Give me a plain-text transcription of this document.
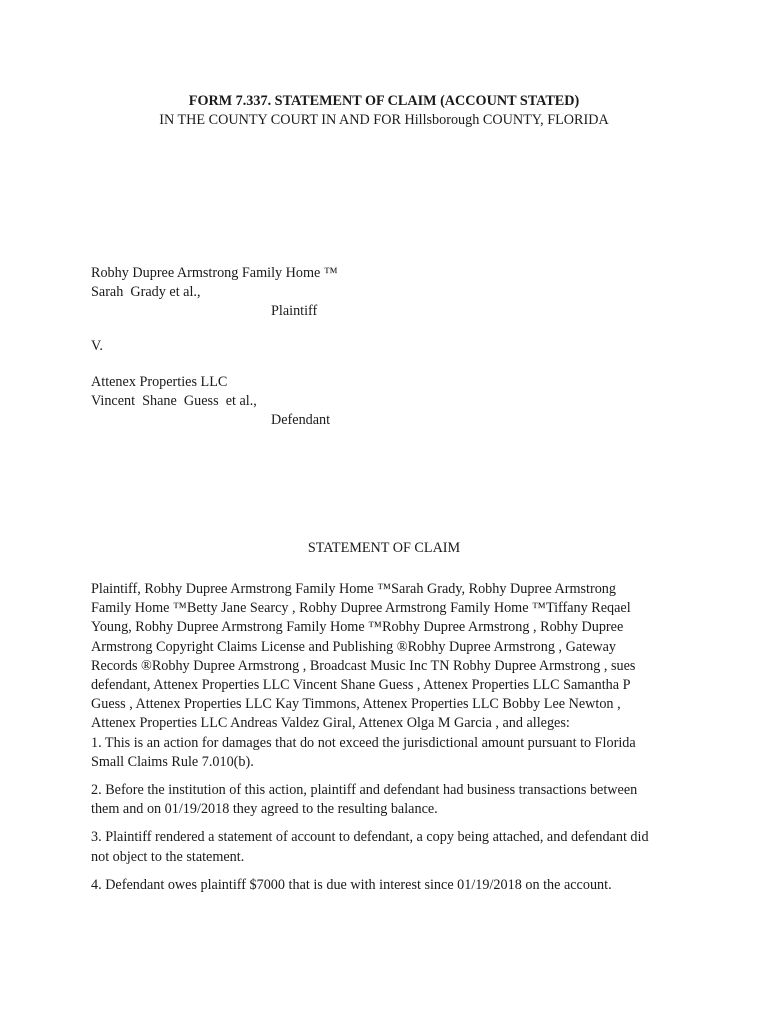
FORM 7.337. STATEMENT OF CLAIM (ACCOUNT STATED)
IN THE COUNTY COURT IN AND FOR Hillsborough COUNTY, FLORIDA
Robhy Dupree Armstrong Family Home ™
Sarah  Grady et al.,
Plaintiff
V.
Attenex Properties LLC
Vincent  Shane  Guess  et al.,
Defendant
STATEMENT OF CLAIM

Plaintiff, Robhy Dupree Armstrong Family Home ™Sarah Grady, Robhy Dupree Armstrong Family Home ™Betty Jane Searcy , Robhy Dupree Armstrong Family Home ™Tiffany Reqael Young, Robhy Dupree Armstrong Family Home ™Robhy Dupree Armstrong , Robhy Dupree Armstrong Copyright Claims License and Publishing ®Robhy Dupree Armstrong , Gateway Records ®Robhy Dupree Armstrong , Broadcast Music Inc TN Robhy Dupree Armstrong , sues defendant, Attenex Properties LLC Vincent Shane Guess , Attenex Properties LLC Samantha P Guess , Attenex Properties LLC Kay Timmons, Attenex Properties LLC Bobby Lee Newton , Attenex Properties LLC Andreas Valdez Giral, Attenex Olga M Garcia , and alleges:

1. This is an action for damages that do not exceed the jurisdictional amount pursuant to Florida Small Claims Rule 7.010(b).

2. Before the institution of this action, plaintiff and defendant had business transactions between them and on 01/19/2018 they agreed to the resulting balance.

3. Plaintiff rendered a statement of account to defendant, a copy being attached, and defendant did not object to the statement.

4. Defendant owes plaintiff $7000 that is due with interest since 01/19/2018 on the account.
